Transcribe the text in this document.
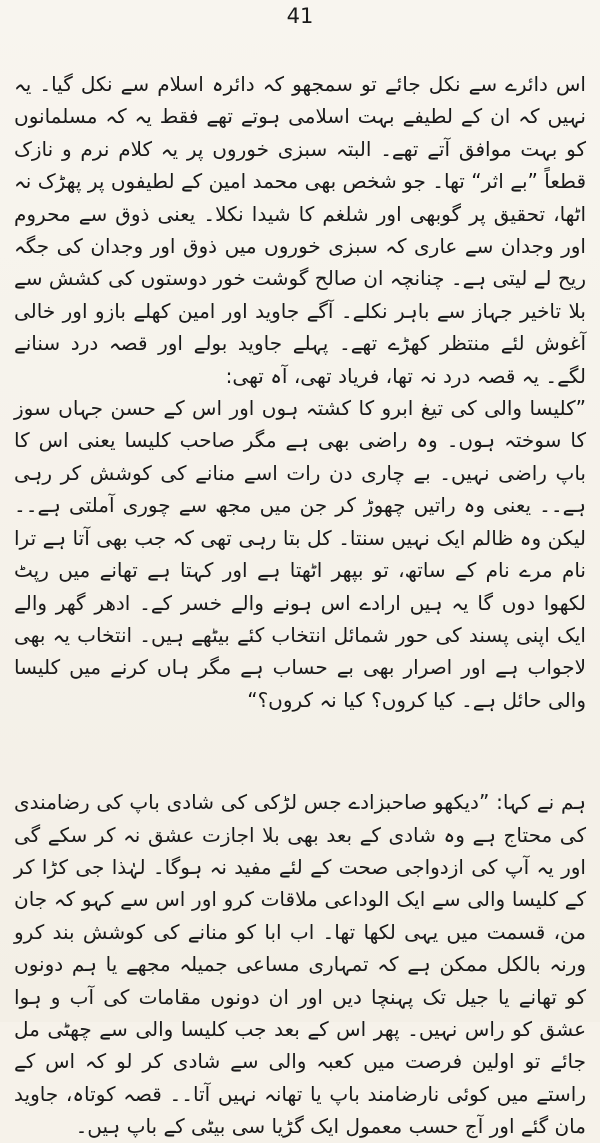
41

اس دائرے سے نکل جائے تو سمجھو کہ دائرہ اسلام سے نکل گیا۔ یہ نہیں کہ ان کے لطیفے بہت اسلامی ہوتے تھے فقط یہ کہ مسلمانوں کو بہت موافق آتے تھے۔ البتہ سبزی خوروں پر یہ کلام نرم و نازک قطعاً ”بے اثر“ تھا۔ جو شخص بھی محمد امین کے لطیفوں پر پھڑک نہ اٹھا، تحقیق پر گوبھی اور شلغم کا شیدا نکلا۔ یعنی ذوق سے محروم اور وجدان سے عاری کہ سبزی خوروں میں ذوق اور وجدان کی جگہ ریح لے لیتی ہے۔ چنانچہ ان صالح گوشت خور دوستوں کی کشش سے بلا تاخیر جہاز سے باہر نکلے۔ آگے جاوید اور امین کھلے بازو اور خالی آغوش لئے منتظر کھڑے تھے۔ پہلے جاوید بولے اور قصہ درد سنانے لگے۔ یہ قصہ درد نہ تھا، فریاد تھی، آہ تھی:

”کلیسا والی کی تیغ ابرو کا کشتہ ہوں اور اس کے حسن جہاں سوز کا سوختہ ہوں۔ وہ راضی بھی ہے مگر صاحب کلیسا یعنی اس کا باپ راضی نہیں۔ بے چاری دن رات اسے منانے کی کوشش کر رہی ہے۔۔ یعنی وہ راتیں چھوڑ کر جن میں مجھ سے چوری آملتی ہے۔۔ لیکن وہ ظالم ایک نہیں سنتا۔ کل بتا رہی تھی کہ جب بھی آتا ہے ترا نام مرے نام کے ساتھ، تو بپھر اٹھتا ہے اور کہتا ہے تھانے میں رپٹ لکھوا دوں گا یہ ہیں ارادے اس ہونے والے خسر کے۔ ادھر گھر والے ایک اپنی پسند کی حور شمائل انتخاب کئے بیٹھے ہیں۔ انتخاب یہ بھی لاجواب ہے اور اصرار بھی بے حساب ہے مگر ہاں کرنے میں کلیسا والی حائل ہے۔ کیا کروں؟ کیا نہ کروں؟“

ہم نے کہا: ”دیکھو صاحبزادے جس لڑکی کی شادی باپ کی رضامندی کی محتاج ہے وہ شادی کے بعد بھی بلا اجازت عشق نہ کر سکے گی اور یہ آپ کی ازدواجی صحت کے لئے مفید نہ ہوگا۔ لہٰذا جی کڑا کر کے کلیسا والی سے ایک الوداعی ملاقات کرو اور اس سے کہو کہ جان من، قسمت میں یہی لکھا تھا۔ اب ابا کو منانے کی کوشش بند کرو ورنہ بالکل ممکن ہے کہ تمہاری مساعی جمیلہ مجھے یا ہم دونوں کو تھانے یا جیل تک پہنچا دیں اور ان دونوں مقامات کی آب و ہوا عشق کو راس نہیں۔ پھر اس کے بعد جب کلیسا والی سے چھٹی مل جائے تو اولین فرصت میں کعبہ والی سے شادی کر لو کہ اس کے راستے میں کوئی نارضامند باپ یا تھانہ نہیں آتا۔۔ قصہ کوتاہ، جاوید مان گئے اور آج حسب معمول ایک گڑیا سی بیٹی کے باپ ہیں۔
